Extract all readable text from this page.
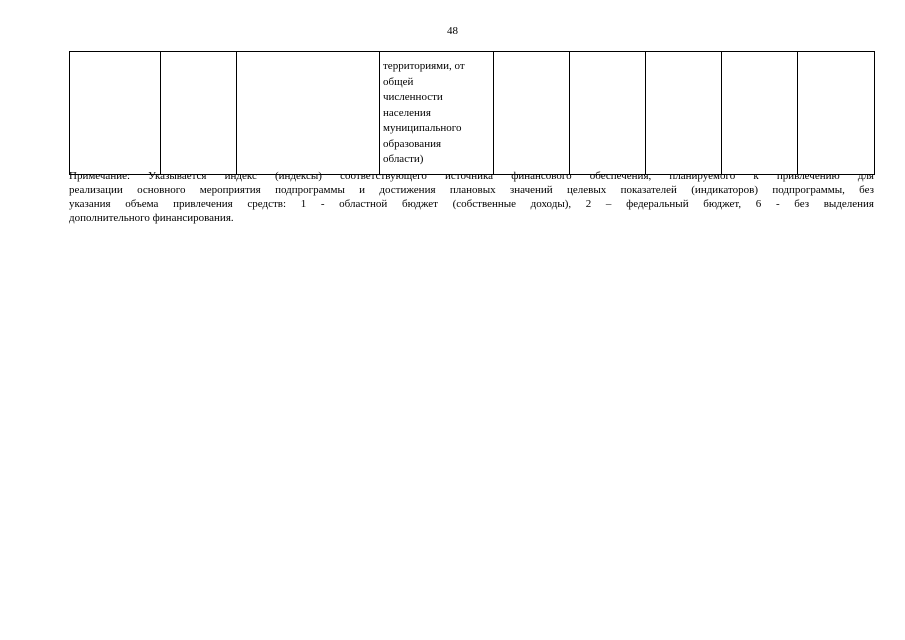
48

территориями, от
общей
численности
населения
муниципального
образования
области)

Примечание: Указывается индекс (индексы) соответствующего источника финансового обеспечения, планируемого к привлечению для
реализации основного мероприятия подпрограммы и достижения плановых значений целевых показателей (индикаторов) подпрограммы, без
указания объема привлечения средств: 1 - областной бюджет (собственные доходы), 2 – федеральный бюджет, 6 - без выделения
дополнительного финансирования.
